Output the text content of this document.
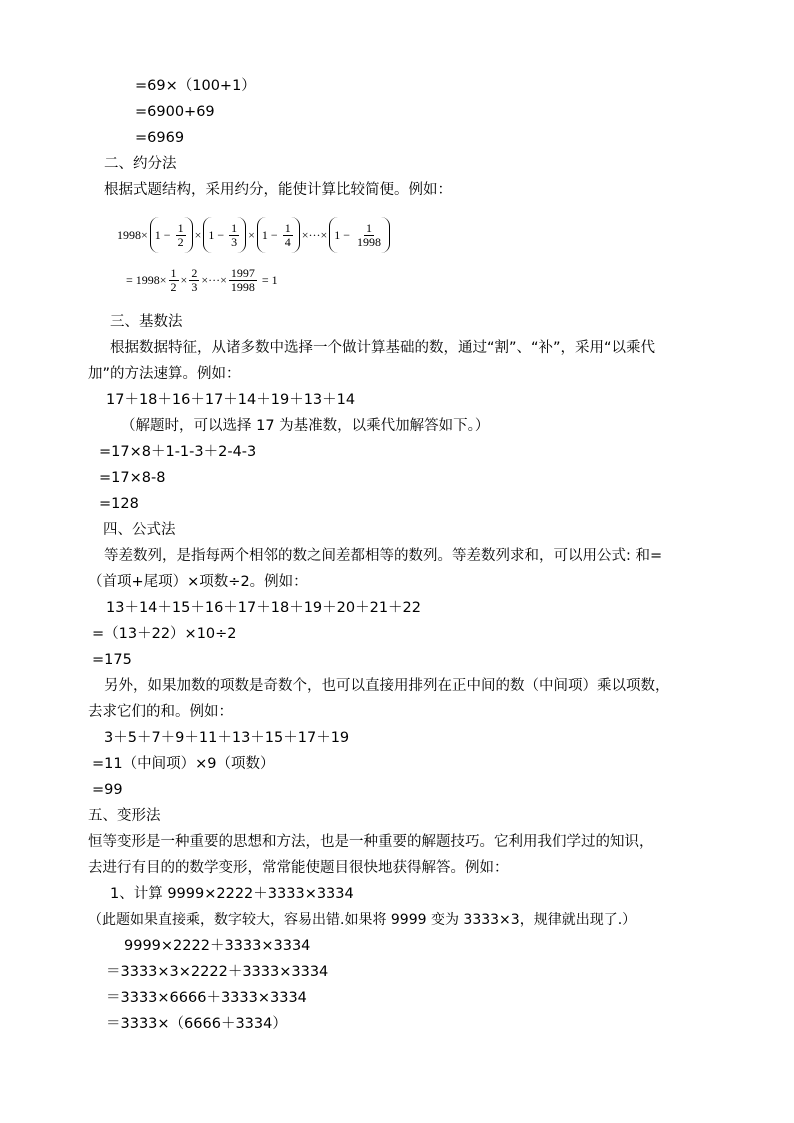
=69×（100+1）
=6900+69
=6969
二、约分法
根据式题结构，采用约分，能使计算比较简便。例如：
$1998\times 1 - \frac{1}{2} \times 1 - \frac{1}{3} \times 1 - \frac{1}{4}$ ×···× $1 - \frac{1}{1998}$
= $1998\times \frac{1}{2} \times \frac{2}{3}$ ×···× $\frac{1997}{1998} = 1$
三、基数法
根据数据特征，从诸多数中选择一个做计算基础的数，通过“割”、“补”，采用“以乘代
加”的方法速算。例如：
17＋18＋16＋17＋14＋19＋13＋14
（解题时，可以选择 17 为基准数，以乘代加解答如下。）
=17×8＋1-1-3＋2-4-3
=17×8-8
=128
四、公式法
等差数列，是指每两个相邻的数之间差都相等的数列。等差数列求和，可以用公式: 和=
（首项+尾项）×项数÷2。例如：
13＋14＋15＋16＋17＋18＋19＋20＋21＋22
=（13＋22）×10÷2
=175
另外，如果加数的项数是奇数个，也可以直接用排列在正中间的数（中间项）乘以项数，
去求它们的和。例如：
3＋5＋7＋9＋11＋13＋15＋17＋19
=11（中间项）×9（项数）
=99
五、变形法
恒等变形是一种重要的思想和方法，也是一种重要的解题技巧。它利用我们学过的知识，
去进行有目的的数学变形，常常能使题目很快地获得解答。例如：
1、计算 9999×2222＋3333×3334
（此题如果直接乘，数字较大，容易出错.如果将 9999 变为 3333×3，规律就出现了.）
9999×2222＋3333×3334
＝3333×3×2222＋3333×3334
＝3333×6666＋3333×3334
＝3333×（6666＋3334）
